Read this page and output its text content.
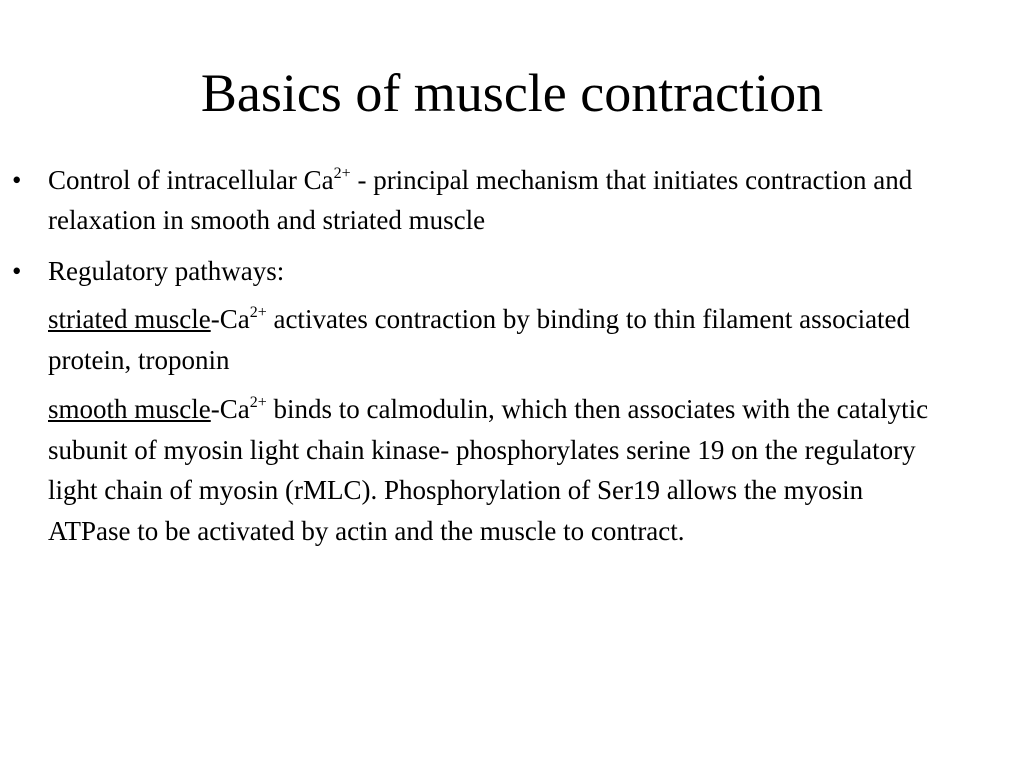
Basics of muscle contraction
• Control of intracellular $Ca^{2+}$ - principal mechanism that initiates contraction and relaxation in smooth and striated muscle
• Regulatory pathways:
striated muscle-$Ca^{2+}$ activates contraction by binding to thin filament associated protein, troponin
smooth muscle-$Ca^{2+}$ binds to calmodulin, which then associates with the catalytic subunit of myosin light chain kinase- phosphorylates serine 19 on the regulatory light chain of myosin (rMLC). Phosphorylation of Ser19 allows the myosin ATPase to be activated by actin and the muscle to contract.
